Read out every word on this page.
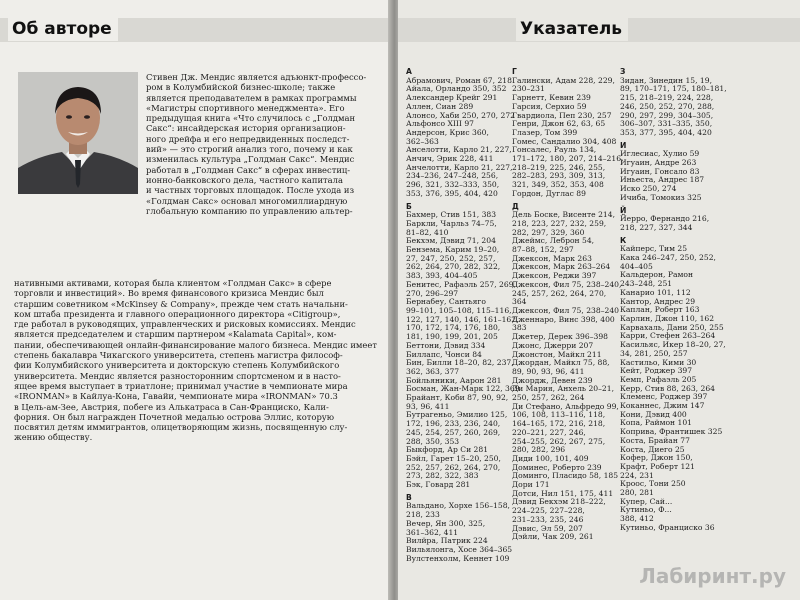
Об авторе
Стивен Дж. Мендис является адъюнкт-профессо-
ром в Колумбийской бизнес-школе; также
является преподавателем в рамках программы
«Магистры спортивного менеджмента». Его
предыдущая книга «Что случилось с „Голдман
Сакс“: инсайдерская история организацион-
ного дрейфа и его непредвиденных последст-
вий» — это строгий анализ того, почему и как
изменилась культура „Голдман Сакс“. Мендис
работал в „Голдман Сакс“ в сферах инвестиц-
ионно-банковского дела, частного капитала
и частных торговых площадок. После ухода из
«Голдман Сакс» основал многомиллиардную
глобальную компанию по управлению альтер-
нативными активами, которая была клиентом «Голдман Сакс» в сфере
торговли и инвестиций». Во время финансового кризиса Мендис был
старшим советником «McKinsey & Company», прежде чем стать начальни-
ком штаба президента и главного операционного директора «Citigroup»,
где работал в руководящих, управленческих и рисковых комиссиях. Мендис
является председателем и старшим партнером «Kalamata Capital», ком-
пании, обеспечивающей онлайн-финансирование малого бизнеса. Мендис имеет
степень бакалавра Чикагского университета, степень магистра философ-
фии Колумбийского университета и докторскую степень Колумбийского
университета. Мендис является разносторонним спортсменом и в насто-
ящее время выступает в триатлоне; принимал участие в чемпионате мира
«IRONMAN» в Кайлуа-Кона, Гавайи, чемпионате мира «IRONMAN» 70.3
в Цель-ам-Зее, Австрия, побеге из Алькатраса в Сан-Франциско, Кали-
форния. Он был награжден Почетной медалью острова Эллис, которую
посвятил детям иммигрантов, олицетворяющим жизнь, посвященную слу-
жению обществу.
Указатель
А
Абрамович, Роман 67, 218
Айала, Орландо 350, 352
Александер Крейг 291
Аллен, Сиан 289
Алонсо, Хаби 250, 270, 272
Альфонсо XIII 97
Андерсон, Крис 360,
362–363
Анселотти, Карло 21, 227,
Анчич, Эрик 228, 411
Анчелотти, Карло 21, 227,
234–236, 247–248, 256,
296, 321, 332–333, 350,
353, 376, 395, 404, 420
Б
Бахмер, Стив 151, 383
Баркли, Чарльз 74–75,
81–82, 410
Бекхэм, Дэвид 71, 204
Бензема, Карим 19–20,
27, 247, 250, 252, 257,
262, 264, 270, 282, 322,
383, 393, 404–405
Бенитес, Рафаэль 257, 269,
270, 296–297
Бернабеу, Сантьяго
99–101, 105–108, 115–116,
122, 127, 140, 146, 161–162,
170, 172, 174, 176, 180,
181, 190, 199, 201, 205
Беттони, Дэвид 334
Биллапс, Чонси 84
Бин, Билли 18–20, 82, 237,
362, 363, 377
Бойльяники, Аарон 281
Босман, Жан-Марк 122, 369
Брайант, Коби 87, 90, 92,
93, 96, 411
Бутрагеньо, Эмилио 125,
172, 196, 233, 236, 240,
245, 254, 257, 260, 269,
288, 350, 353
Быкфорд, Ар Си 281
Бэйл, Гарет 15–20, 250,
252, 257, 262, 264, 270,
273, 282, 322, 383
Бэк, Говард 281
В
Вальдано, Хорхе 156–158,
218, 233
Вечер, Ян 300, 325,
361–362, 411
Вилйра, Патрик 224
Вильялонга, Хосе 364–365
Вулстенхолм, Кеннет 109
Г
Галински, Адам 228, 229,
230–231
Гарнетт, Кевин 239
Гарсия, Серхио 59
Гвардиола, Пеп 230, 257
Генри, Джон 62, 63, 65
Глазер, Том 399
Гомес, Сандалио 304, 408
Гонсалес, Рауль 134,
171–172, 180, 207, 214–216,
218–219, 225, 246, 255,
282–283, 293, 309, 313,
321, 349, 352, 353, 408
Гордон, Дуглас 89
Д
Дель Боске, Висенте 214,
218, 223, 227, 232, 259,
282, 297, 329, 360
Джеймс, Леброн 54,
87–88, 152, 297
Джексон, Марк 263
Джексон, Марк 263–264
Джексон, Реджи 397
Джексон, Фил 75, 238–240,
245, 257, 262, 264, 270,
364
Джексон, Фил 75, 238–240
Дженнаро, Винс 398, 400
383
Джетер, Дерек 396–398
Джонс, Джерри 207
Джонстон, Майкл 211
Джордан, Майкл 75, 88,
89, 90, 93, 96, 411
Джордж, Девен 239
Ди Мария, Анхель 20–21,
250, 257, 262, 264
Ди Стефано, Альфредо 99,
106, 108, 113–116, 118,
164–165, 172, 216, 218,
220–221, 227, 246,
254–255, 262, 267, 275,
280, 282, 296
Диди 100, 101, 409
Доминес, Роберто 239
Доминго, Пласидо 58, 185
Дори 171
Дотси, Нил 151, 175, 411
Дэвид Бекхэм 218–222,
224–225, 227–228,
231–233, 235, 246
Дэвис, Эл 59, 207
Дэйли, Чак 209, 261
З
Зидан, Зинедин 15, 19,
89, 170–171, 175, 180–181,
215, 218–219, 224, 228,
246, 250, 252, 270, 288,
290, 297, 299, 304–305,
306–307, 331–335, 350,
353, 377, 395, 404, 420
И
Иглесиас, Хулио 59
Игуаин, Андре 263
Игуаин, Гонсало 83
Иньеста, Андрес 187
Иско 250, 274
Ичиба, Томокиз 325
Й
Йерро, Фернандо 216,
218, 227, 327, 344
К
Кайперс, Тим 25
Кака 246–247, 250, 252,
404–405
Кальдерон, Рамон
243–248, 251
Канарио 101, 112
Кантор, Андрес 29
Каплан, Роберт 163
Карлин, Джон 110, 162
Карвахаль, Дани 250, 255
Карри, Стефен 263–264
Касильяс, Икер 18–20, 27,
34, 281, 250, 257
Кастильо, Кими 30
Кейт, Роджер 397
Кемп, Рафаэль 205
Керр, Стив 88, 263, 264
Клеменс, Роджер 397
Коканнес, Джим 147
Кони, Дэвид 400
Копа, Раймон 101
Коприва, Франтишек 325
Коста, Брайан 77
Коста, Диего 25
Кофер, Джон 150,
Крафт, Роберт 121
224, 231
Кроос, Тони 250
280, 281
Купер, Сай...
Кутиньо, Ф...
388, 412
Кутиньо, Франциско 36
Лабиринт.ру
